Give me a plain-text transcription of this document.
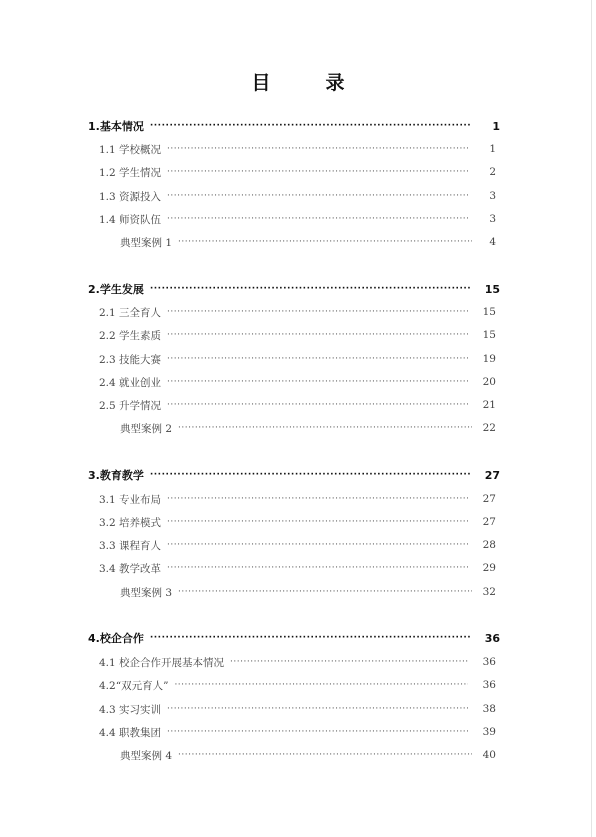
目　录
1.基本情况 ·····	1
1.1 学校概况 ·····	1
1.2 学生情况 ·····	2
1.3 资源投入 ·····	3
1.4 师资队伍 ·····	3
典型案例 1 ·····	4
2.学生发展 ·····	15
2.1 三全育人 ·····	15
2.2 学生素质 ·····	15
2.3 技能大赛 ·····	19
2.4 就业创业 ·····	20
2.5 升学情况 ·····	21
典型案例 2 ·····	22
3.教育教学 ·····	27
3.1 专业布局 ·····	27
3.2 培养模式 ·····	27
3.3 课程育人 ·····	28
3.4 教学改革 ·····	29
典型案例 3 ·····	32
4.校企合作 ·····	36
4.1 校企合作开展基本情况 ·····	36
4.2“双元育人” ·····	36
4.3 实习实训 ·····	38
4.4 职教集团 ·····	39
典型案例 4 ·····	40
